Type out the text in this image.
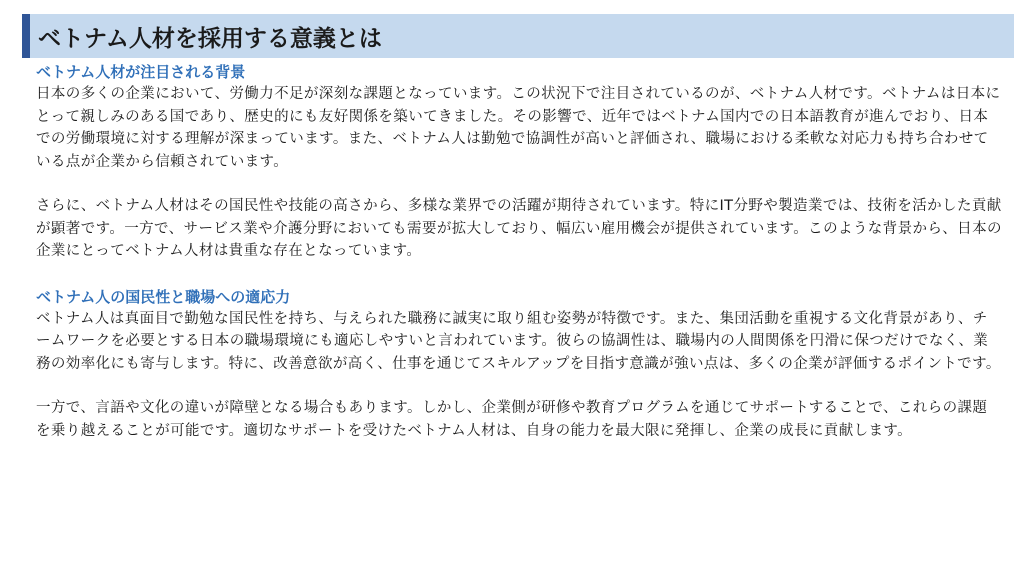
ベトナム人材を採用する意義とは
ベトナム人材が注目される背景

日本の多くの企業において、労働力不足が深刻な課題となっています。この状況下で注目されているのが、ベトナム人材です。ベトナムは日本にとって親しみのある国であり、歴史的にも友好関係を築いてきました。その影響で、近年ではベトナム国内での日本語教育が進んでおり、日本での労働環境に対する理解が深まっています。また、ベトナム人は勤勉で協調性が高いと評価され、職場における柔軟な対応力も持ち合わせている点が企業から信頼されています。

さらに、ベトナム人材はその国民性や技能の高さから、多様な業界での活躍が期待されています。特にIT分野や製造業では、技術を活かした貢献が顕著です。一方で、サービス業や介護分野においても需要が拡大しており、幅広い雇用機会が提供されています。このような背景から、日本の企業にとってベトナム人材は貴重な存在となっています。

ベトナム人の国民性と職場への適応力

ベトナム人は真面目で勤勉な国民性を持ち、与えられた職務に誠実に取り組む姿勢が特徴です。また、集団活動を重視する文化背景があり、チームワークを必要とする日本の職場環境にも適応しやすいと言われています。彼らの協調性は、職場内の人間関係を円滑に保つだけでなく、業務の効率化にも寄与します。特に、改善意欲が高く、仕事を通じてスキルアップを目指す意識が強い点は、多くの企業が評価するポイントです。

一方で、言語や文化の違いが障壁となる場合もあります。しかし、企業側が研修や教育プログラムを通じてサポートすることで、これらの課題を乗り越えることが可能です。適切なサポートを受けたベトナム人材は、自身の能力を最大限に発揮し、企業の成長に貢献します。
